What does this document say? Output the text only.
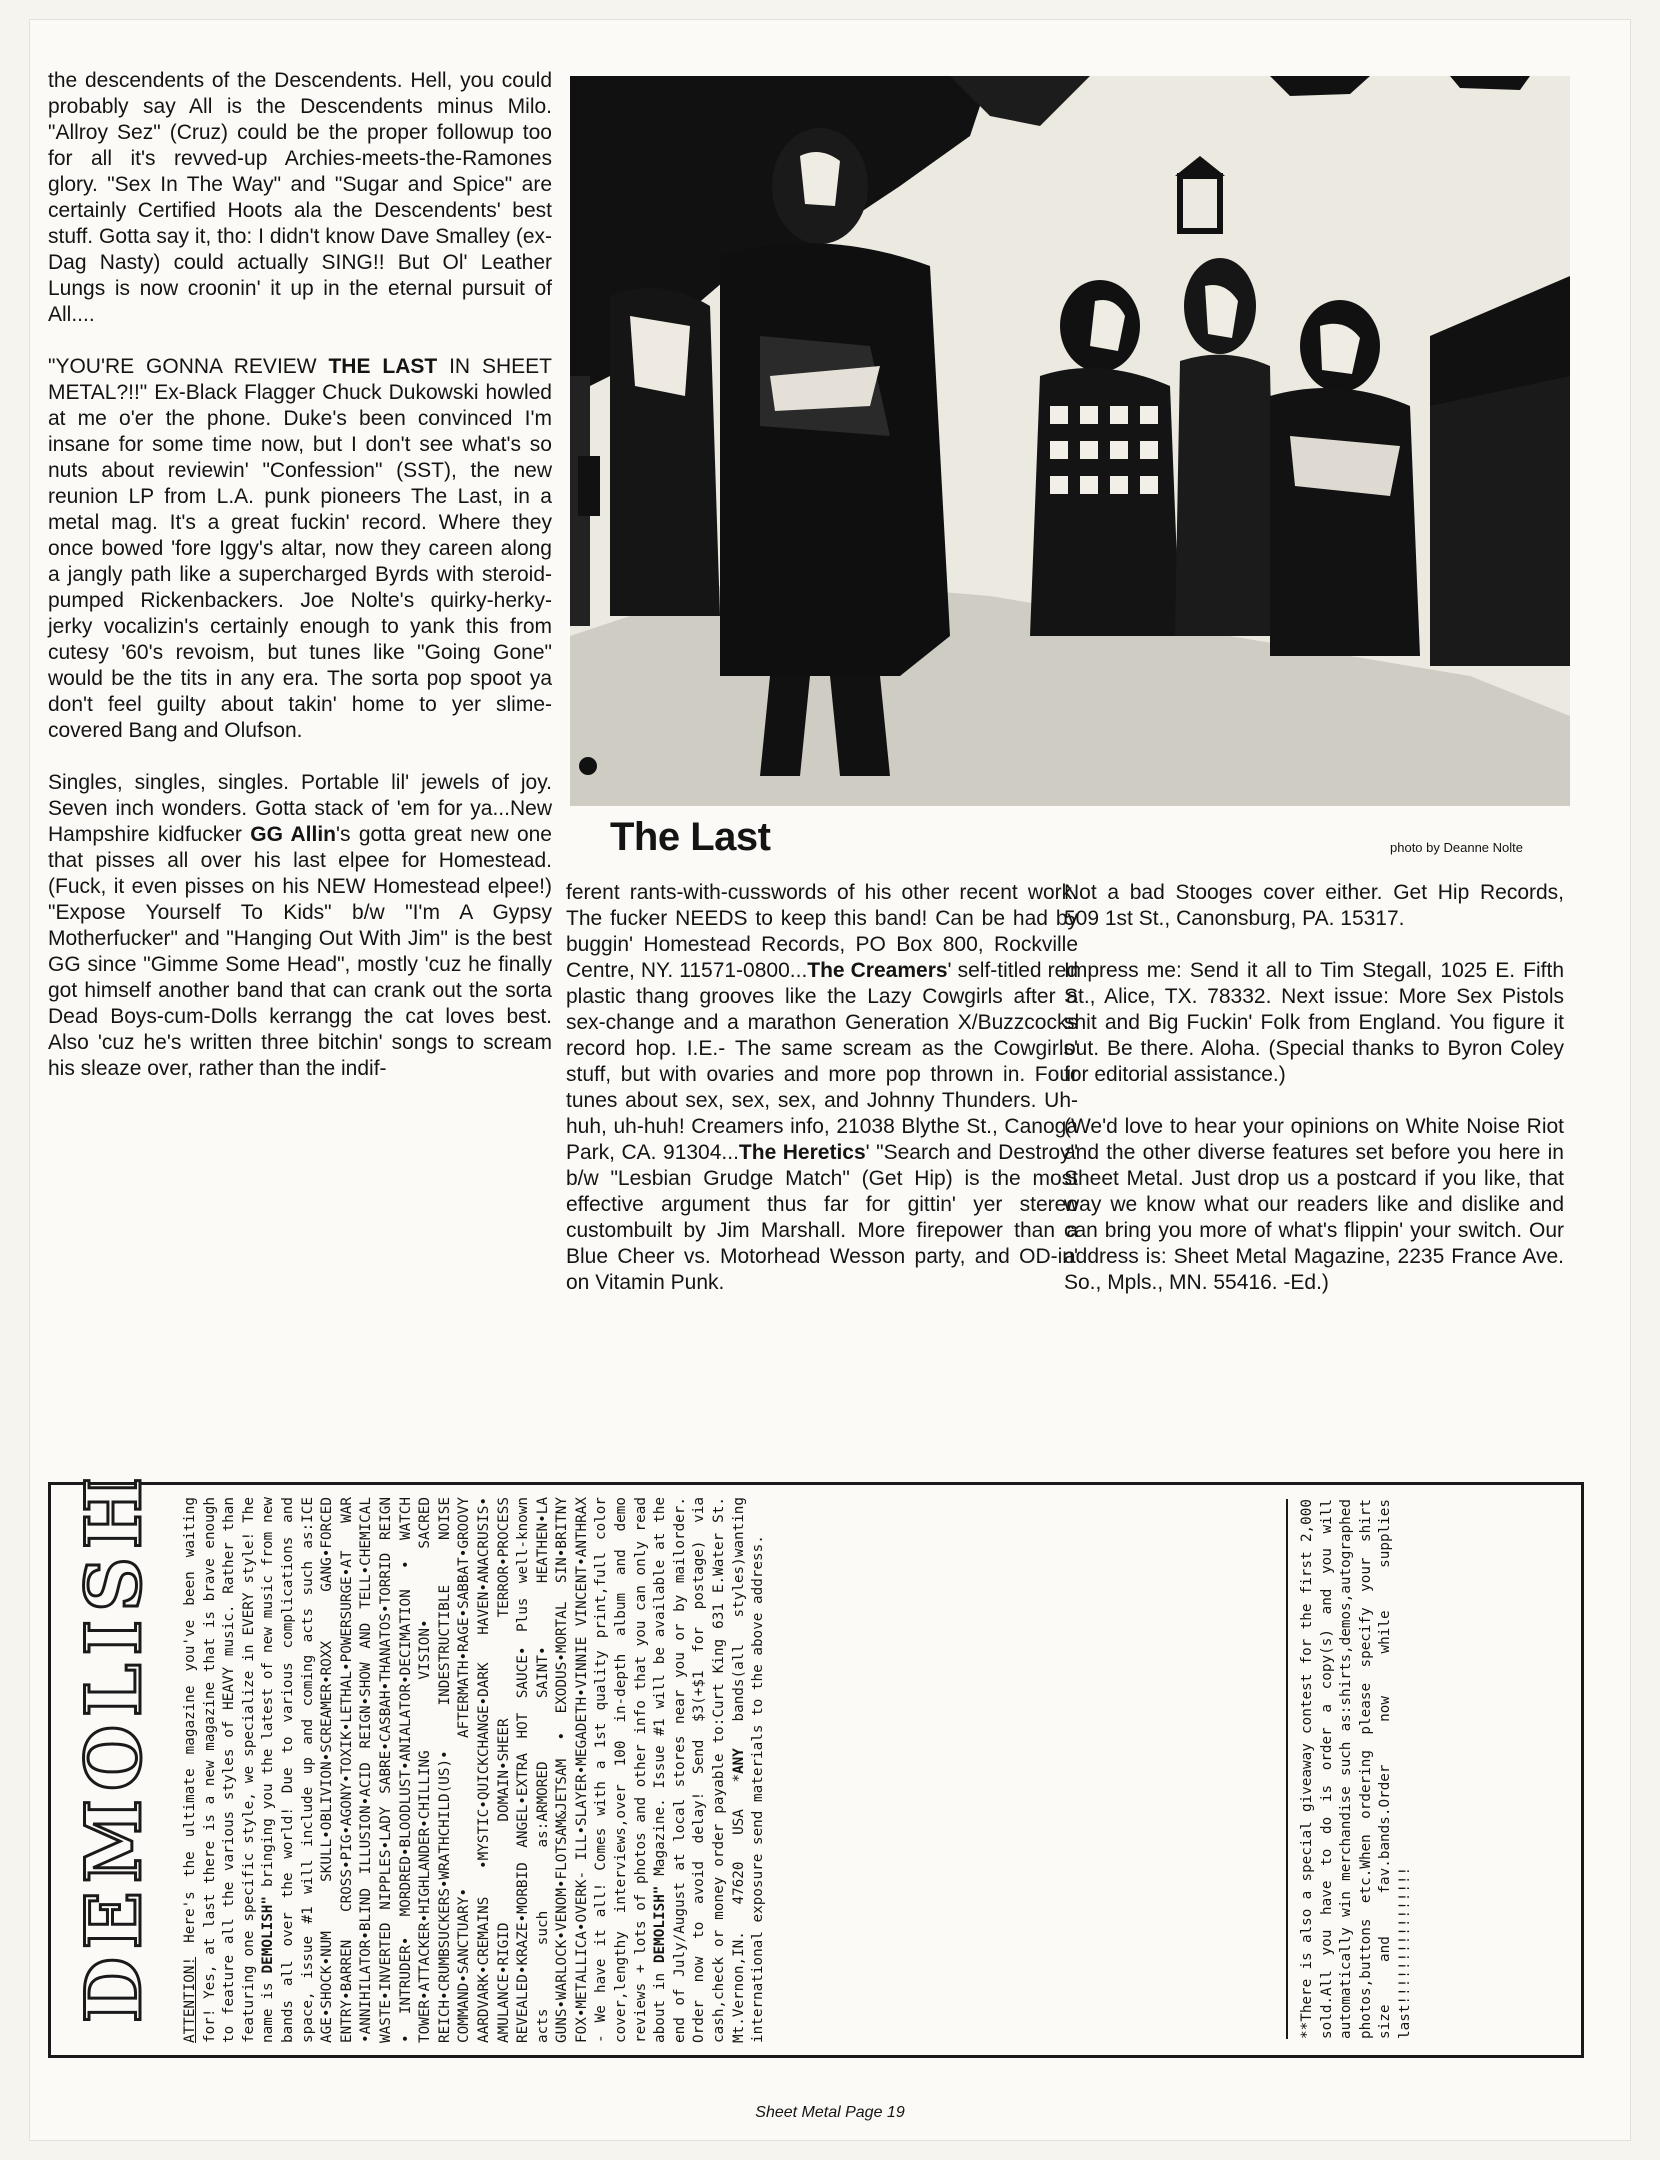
the descendents of the Descendents. Hell, you could probably say All is the Descendents minus Milo. "Allroy Sez" (Cruz) could be the proper followup too for all it's revved-up Archies-meets-the-Ramones glory. "Sex In The Way" and "Sugar and Spice" are certainly Certified Hoots ala the Descendents' best stuff. Gotta say it, tho: I didn't know Dave Smalley (ex-Dag Nasty) could actually SING!! But Ol' Leather Lungs is now croonin' it up in the eternal pursuit of All....

"YOU'RE GONNA REVIEW THE LAST IN SHEET METAL?!!" Ex-Black Flagger Chuck Dukowski howled at me o'er the phone. Duke's been convinced I'm insane for some time now, but I don't see what's so nuts about reviewin' "Confession" (SST), the new reunion LP from L.A. punk pioneers The Last, in a metal mag. It's a great fuckin' record. Where they once bowed 'fore Iggy's altar, now they careen along a jangly path like a supercharged Byrds with steroid-pumped Rickenbackers. Joe Nolte's quirky-herky-jerky vocalizin's certainly enough to yank this from cutesy '60's revoism, but tunes like "Going Gone" would be the tits in any era. The sorta pop spoot ya don't feel guilty about takin' home to yer slime-covered Bang and Olufson.

Singles, singles, singles. Portable lil' jewels of joy. Seven inch wonders. Gotta stack of 'em for ya...New Hampshire kidfucker GG Allin's gotta great new one that pisses all over his last elpee for Homestead. (Fuck, it even pisses on his NEW Homestead elpee!) "Expose Yourself To Kids" b/w "I'm A Gypsy Motherfucker" and "Hanging Out With Jim" is the best GG since "Gimme Some Head", mostly 'cuz he finally got himself another band that can crank out the sorta Dead Boys-cum-Dolls kerrangg the cat loves best. Also 'cuz he's written three bitchin' songs to scream his sleaze over, rather than the indif-

The Last	photo by Deanne Nolte

ferent rants-with-cusswords of his other recent work. The fucker NEEDS to keep this band! Can be had by buggin' Homestead Records, PO Box 800, Rockville Centre, NY. 11571-0800...The Creamers' self-titled red plastic thang grooves like the Lazy Cowgirls after a sex-change and a marathon Generation X/Buzzcocks record hop. I.E.- The same scream as the Cowgirls' stuff, but with ovaries and more pop thrown in. Four tunes about sex, sex, sex, and Johnny Thunders. Uh-huh, uh-huh! Creamers info, 21038 Blythe St., Canoga Park, CA. 91304...The Heretics' "Search and Destroy" b/w "Lesbian Grudge Match" (Get Hip) is the most effective argument thus far for gittin' yer stereo custombuilt by Jim Marshall. More firepower than a Blue Cheer vs. Motorhead Wesson party, and OD-in' on Vitamin Punk.

Not a bad Stooges cover either. Get Hip Records, 509 1st St., Canonsburg, PA. 15317.

Impress me: Send it all to Tim Stegall, 1025 E. Fifth St., Alice, TX. 78332. Next issue: More Sex Pistols shit and Big Fuckin' Folk from England. You figure it out. Be there. Aloha. (Special thanks to Byron Coley for editorial assistance.)

(We'd love to hear your opinions on White Noise Riot and the other diverse features set before you here in Sheet Metal. Just drop us a postcard if you like, that way we know what our readers like and dislike and can bring you more of what's flippin' your switch. Our address is: Sheet Metal Magazine, 2235 France Ave. So., Mpls., MN. 55416. -Ed.)

DEMOLISH ATTENTION! Here's the ultimate magazine you've been waiting for! Yes, at last there is a new magazine that is brave enough to feature all the various styles of HEAVY music. Rather than featuring one specific style, we specialize in EVERY style! The name is DEMOLISH" bringing you the latest of new music from new bands all over the world! Due to various complications and space, issue #1 will include up and coming acts such as:ICE AGE•SHOCK•NUM SKULL•OBLIVION•SCREAMER•ROXX GANG•FORCED ENTRY•BARREN CROSS•PIG•AGONY•TOXIK•LETHAL•POWERSURGE•AT WAR •ANNIHILATOR•BLIND ILLUSION•ACID REIGN•SHOW AND TELL•CHEMICAL WASTE•INVERTED NIPPLES•LADY SABRE•CASBAH•THANATOS•TORRID REIGN • INTRUDER• MORDRED•BLOODLUST•ANIALATOR•DECIMATION • WATCH TOWER•ATTACKER•HIGHLANDER•CHILLING VISION• SACRED REICH•CRUMBSUCKERS•WRATHCHILD(US)• INDESTRUCTIBLE NOISE COMMAND•SANCTUARY• AFTERMATH•RAGE•SABBAT•GROOVY AARDVARK•CREMAINS •MYSTIC•QUICKCHANGE•DARK HAVEN•ANACRUSIS• AMULANCE•RIGID DOMAIN•SHEER TERROR•PROCESS REVEALED•KRAZE•MORBID ANGEL•EXTRA HOT SAUCE• Plus well-known acts such as:ARMORED SAINT• HEATHEN•LA GUNS•WARLOCK•VENOM•FLOTSAM&JETSAM • EXODUS•MORTAL SIN•BRITNY FOX•METALLICA•OVERK- ILL•SLAYER•MEGADETH•VINNIE VINCENT•ANTHRAX - We have it all! Comes with a 1st quality print,full color cover,lengthy interviews,over 100 in-depth album and demo reviews + lots of photos and other info that you can only read about in DEMOLISH" Magazine. Issue #1 will be available at the end of July/August at local stores near you or by mailorder. Order now to avoid delay! Send $3(+$1 for postage) via cash,check or money order payable to:Curt King 631 E.Water St. Mt.Vernon,IN. 47620 USA *ANY bands(all styles)wanting international exposure send materials to the above address.	**There is also a special giveaway contest for the first 2,000 sold.All you have to do is order a copy(s) and you will automatically win merchandise such as:shirts,demos,autographed photos,buttons etc.When ordering please specify your shirt size and fav.bands.Order now while supplies last!!!!!!!!!!!!!!!!
Sheet Metal Page 19
